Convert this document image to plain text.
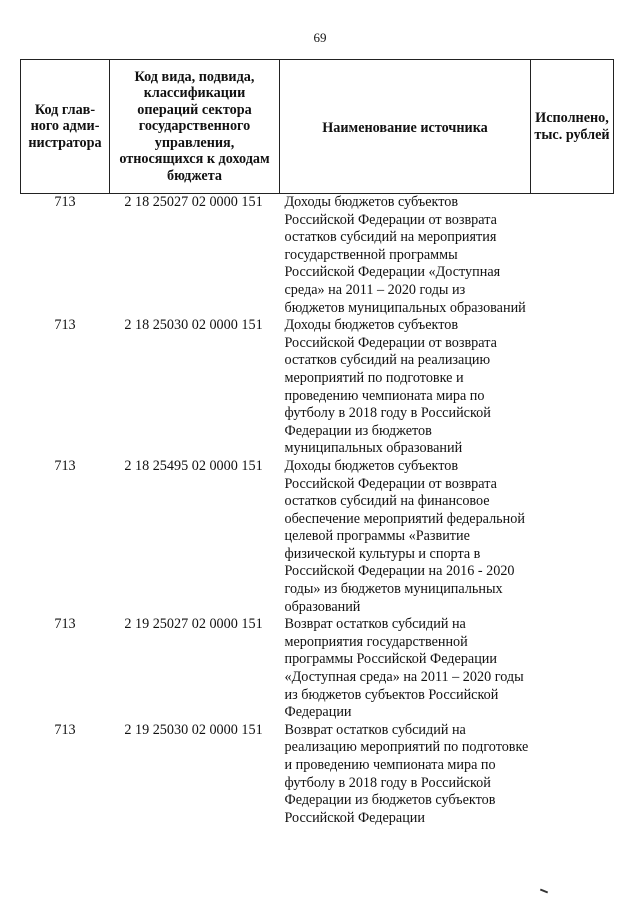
69
Код главного администратора	Код вида, подвида, классификации операций сектора государственного управления, относящихся к доходам бюджета	Наименование источника	Исполнено, тыс. рублей
713	2 18 25027 02 0000 151	Доходы бюджетов субъектов Российской Федерации от возврата остатков субсидий на мероприятия государственной программы Российской Федерации «Доступная среда» на 2011 – 2020 годы из бюджетов муниципальных образований	
713	2 18 25030 02 0000 151	Доходы бюджетов субъектов Российской Федерации от возврата остатков субсидий на реализацию мероприятий по подготовке и проведению чемпионата мира по футболу в 2018 году в Российской Федерации из бюджетов муниципальных образований	
713	2 18 25495 02 0000 151	Доходы бюджетов субъектов Российской Федерации от возврата остатков субсидий на финансовое обеспечение мероприятий федеральной целевой программы «Развитие физической культуры и спорта в Российской Федерации на 2016 - 2020 годы» из бюджетов муниципальных образований	
713	2 19 25027 02 0000 151	Возврат остатков субсидий на мероприятия государственной программы Российской Федерации «Доступная среда» на 2011 – 2020 годы из бюджетов субъектов Российской Федерации	
713	2 19 25030 02 0000 151	Возврат остатков субсидий на реализацию мероприятий по подготовке и проведению чемпионата мира по футболу в 2018 году в Российской Федерации из бюджетов субъектов Российской Федерации	
